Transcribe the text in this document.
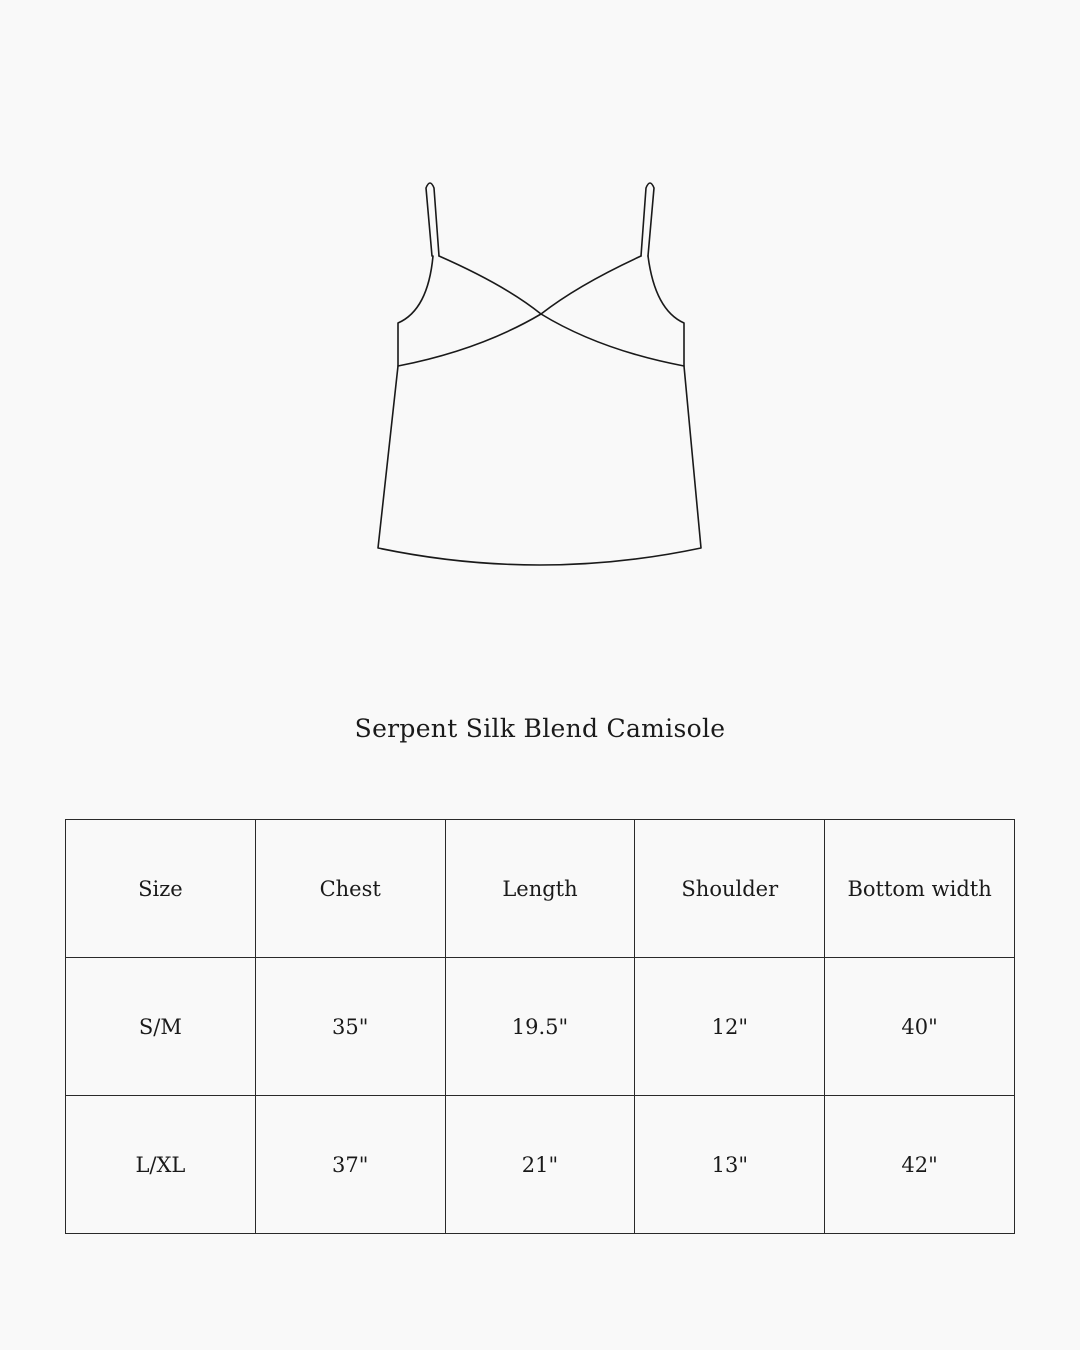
Serpent Silk Blend Camisole
Size	Chest	Length	Shoulder	Bottom width
S/M	35"	19.5"	12"	40"
L/XL	37"	21"	13"	42"
